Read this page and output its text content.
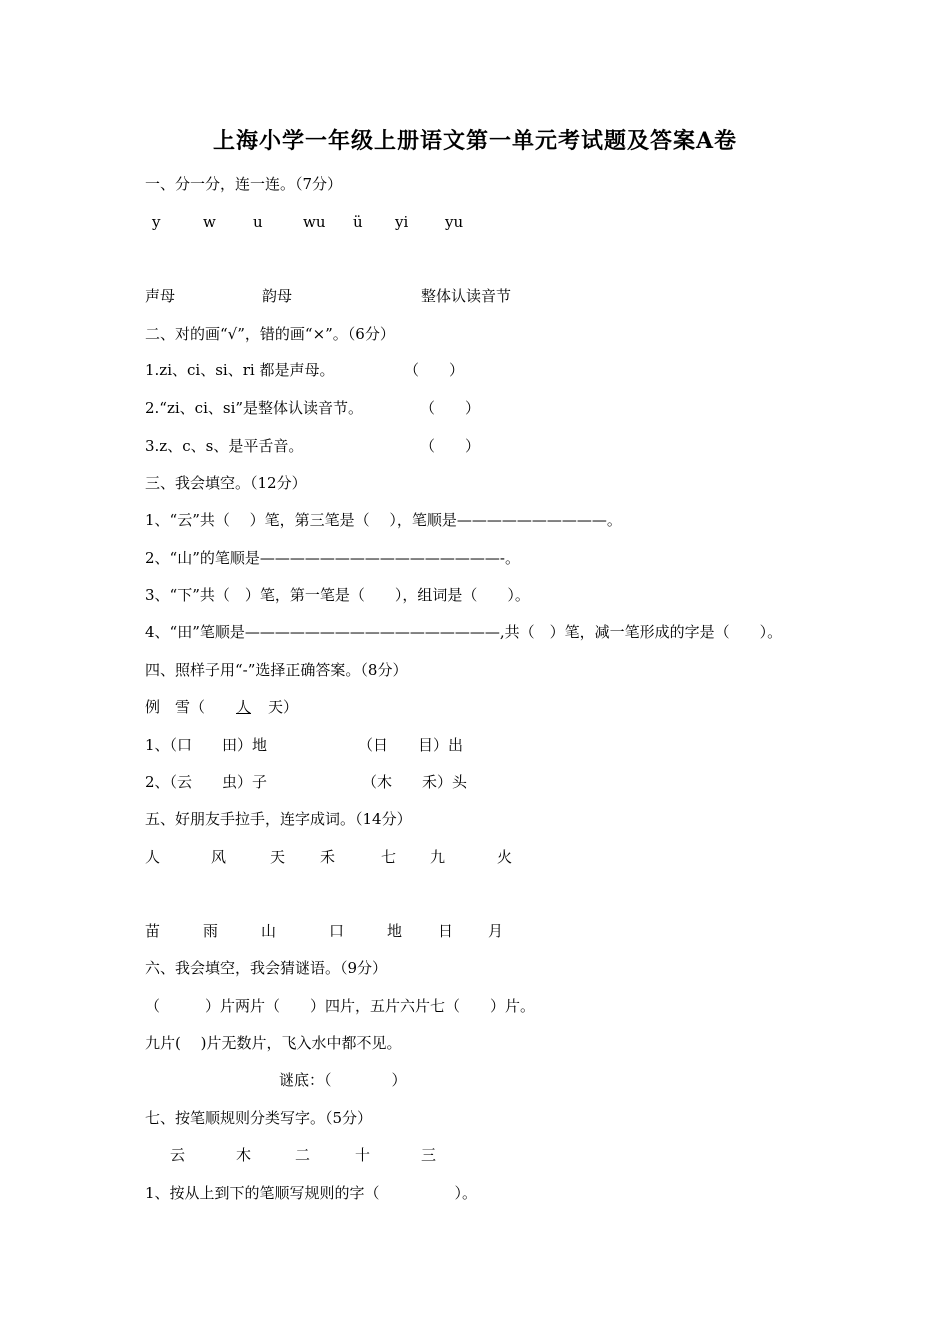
上海小学一年级上册语文第一单元考试题及答案A卷
一、分一分，连一连。（7分）
y	w u	wu ü yi yu
声母	韵母	整体认读音节
二、对的画“√”，错的画“×”。（6分）
1.zi、ci、si、ri 都是声母。	（　　）
2.“zi、ci、si”是整体认读音节。	（　　）
3.z、c、s、是平舌音。	（　　）
三、我会填空。（12分）
1、“云”共（　 ）笔，第三笔是（　 ），笔顺是——————————。
2、“山”的笔顺是————————————————-。
3、“下”共（　）笔，第一笔是（　　），组词是（　　）。
4、“田”笔顺是—————————————————,共（　）笔，减一笔形成的字是（　　）。
四、照样子用“-”选择正确答案。（8分）
例　雪（ 人 天）
1、（口　　田）地	（日　　目）出
2、（云　　虫）子	（木　　禾）头
五、好朋友手拉手，连字成词。（14分）
人	风	天 禾	七 九	火
苗	雨	山	口	地 日 月
六、我会填空，我会猜谜语。（9分）
（　　　）片两片（　　）四片，五片六片七（　　）片。
九片(　 )片无数片，飞入水中都不见。
谜底：（　　　　）
七、按笔顺规则分类写字。（5分）
云	木	二	十	三
1、按从上到下的笔顺写规则的字（　　　　　）。
